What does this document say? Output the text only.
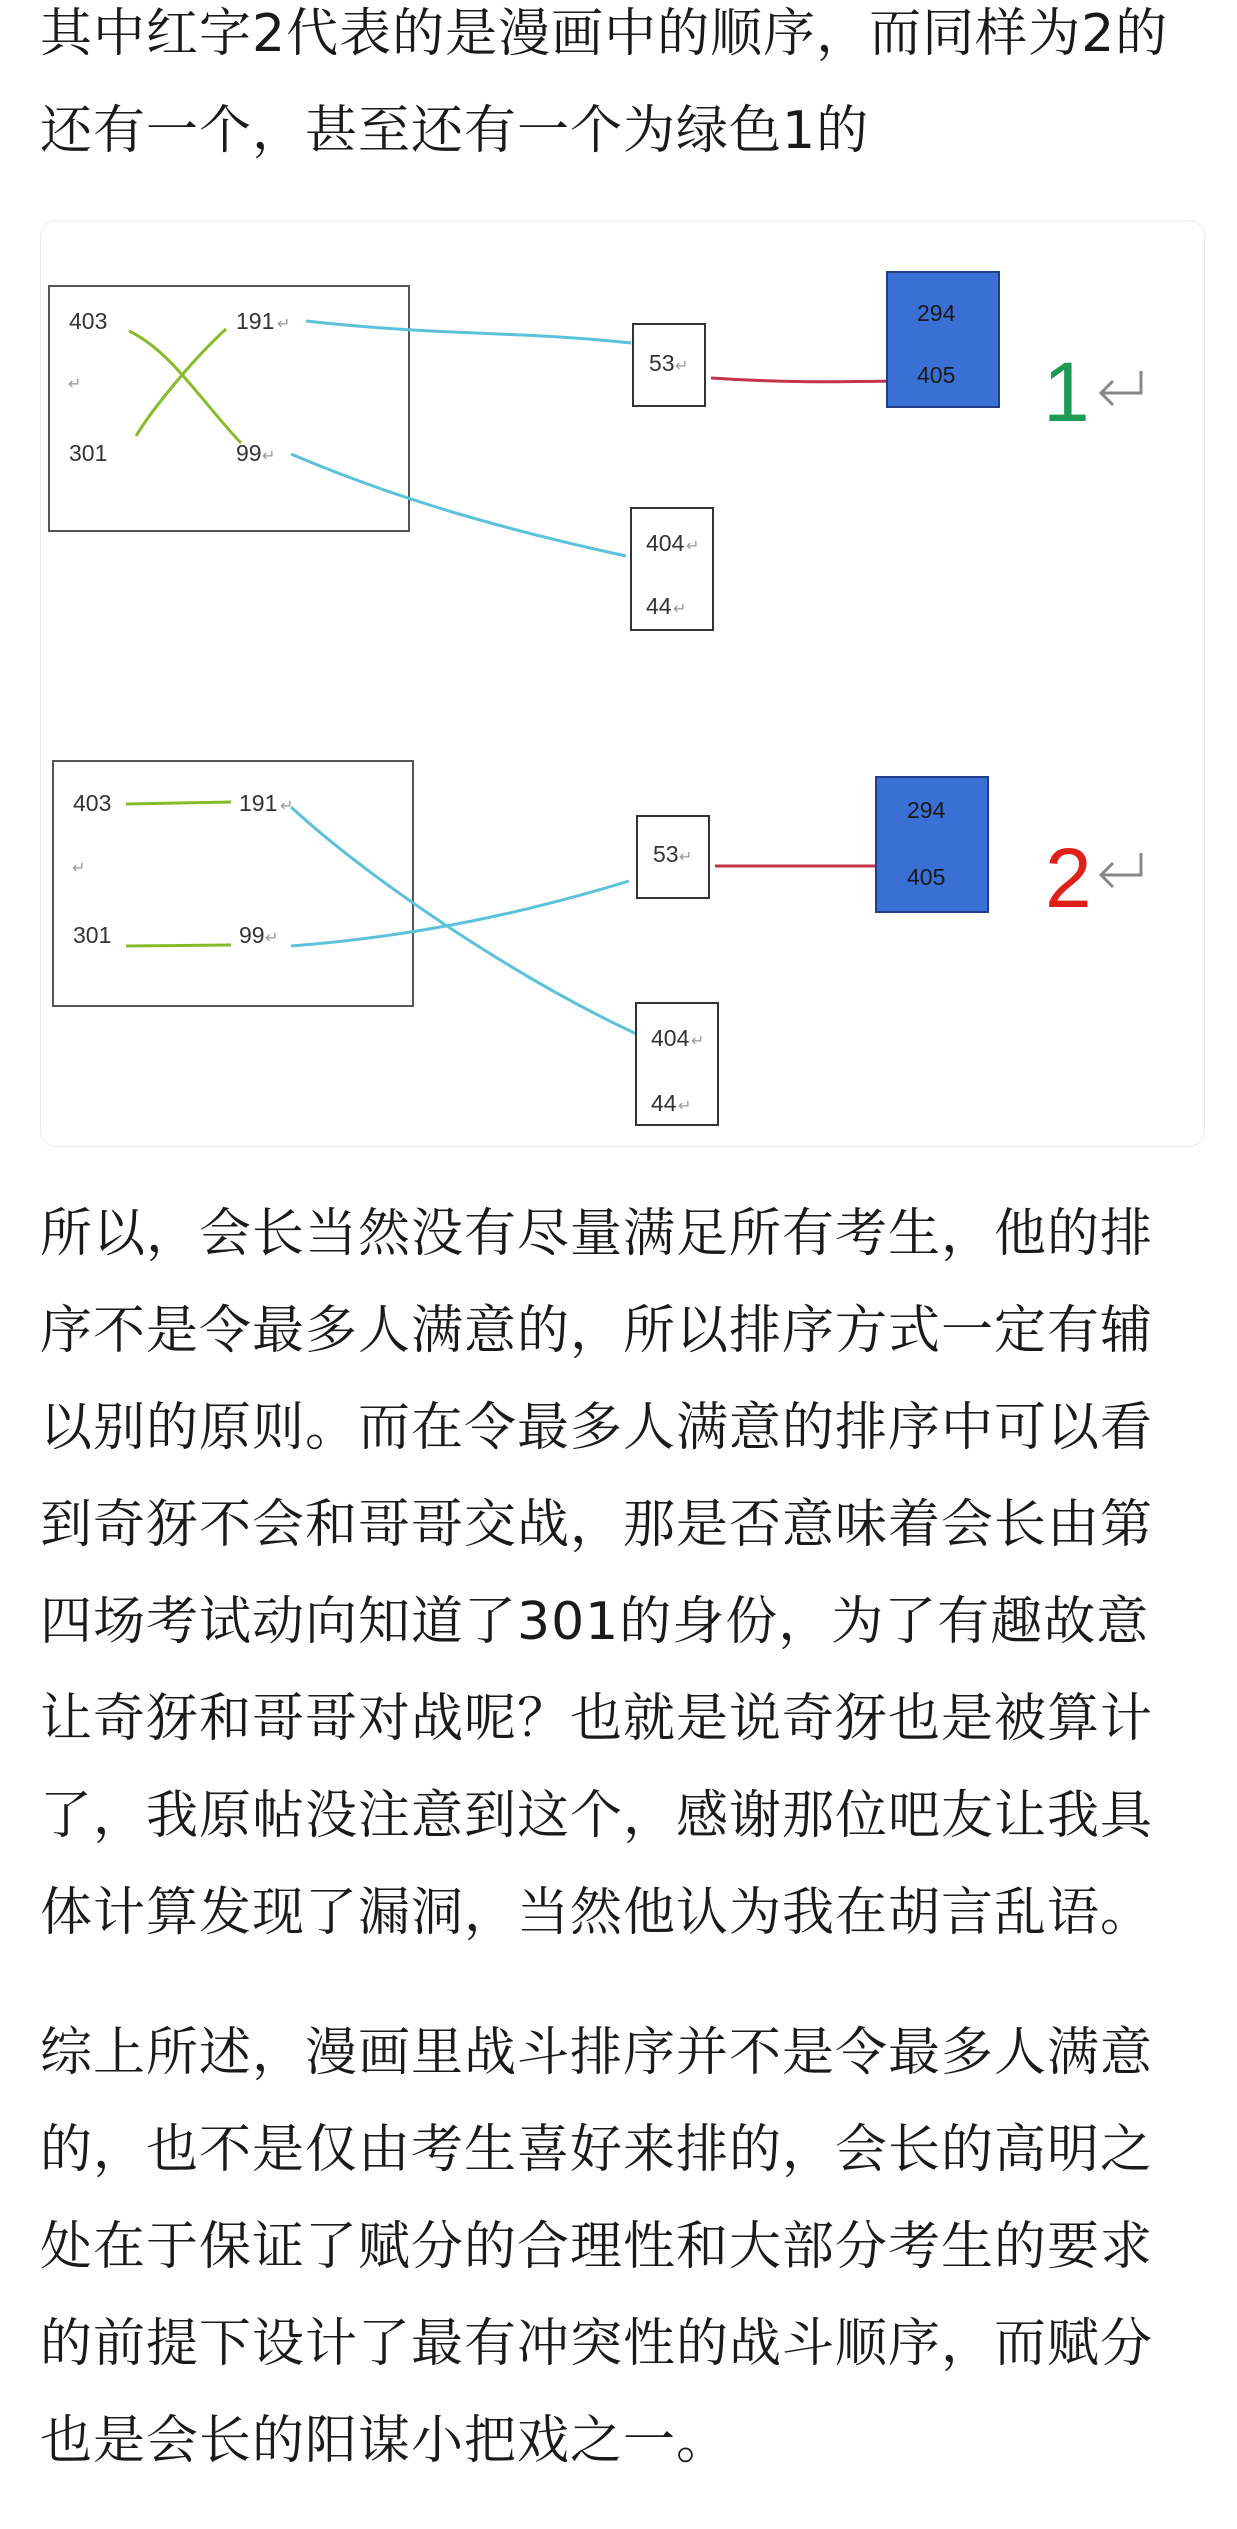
其中红字2代表的是漫画中的顺序，而同样为2的还有一个，甚至还有一个为绿色1的

403
↵
301
191 ↵
99 ↵
53 ↵
404 ↵
44 ↵
294
405 1
403
↵
301
191 ↵
99 ↵
53 ↵
404 ↵
44 ↵
294
405 2

所以，会长当然没有尽量满足所有考生，他的排序不是令最多人满意的，所以排序方式一定有辅以别的原则。而在令最多人满意的排序中可以看到奇犽不会和哥哥交战，那是否意味着会长由第四场考试动向知道了301的身份，为了有趣故意让奇犽和哥哥对战呢？也就是说奇犽也是被算计了，我原帖没注意到这个，感谢那位吧友让我具体计算发现了漏洞，当然他认为我在胡言乱语。

综上所述，漫画里战斗排序并不是令最多人满意的，也不是仅由考生喜好来排的，会长的高明之处在于保证了赋分的合理性和大部分考生的要求的前提下设计了最有冲突性的战斗顺序，而赋分也是会长的阳谋小把戏之一。
